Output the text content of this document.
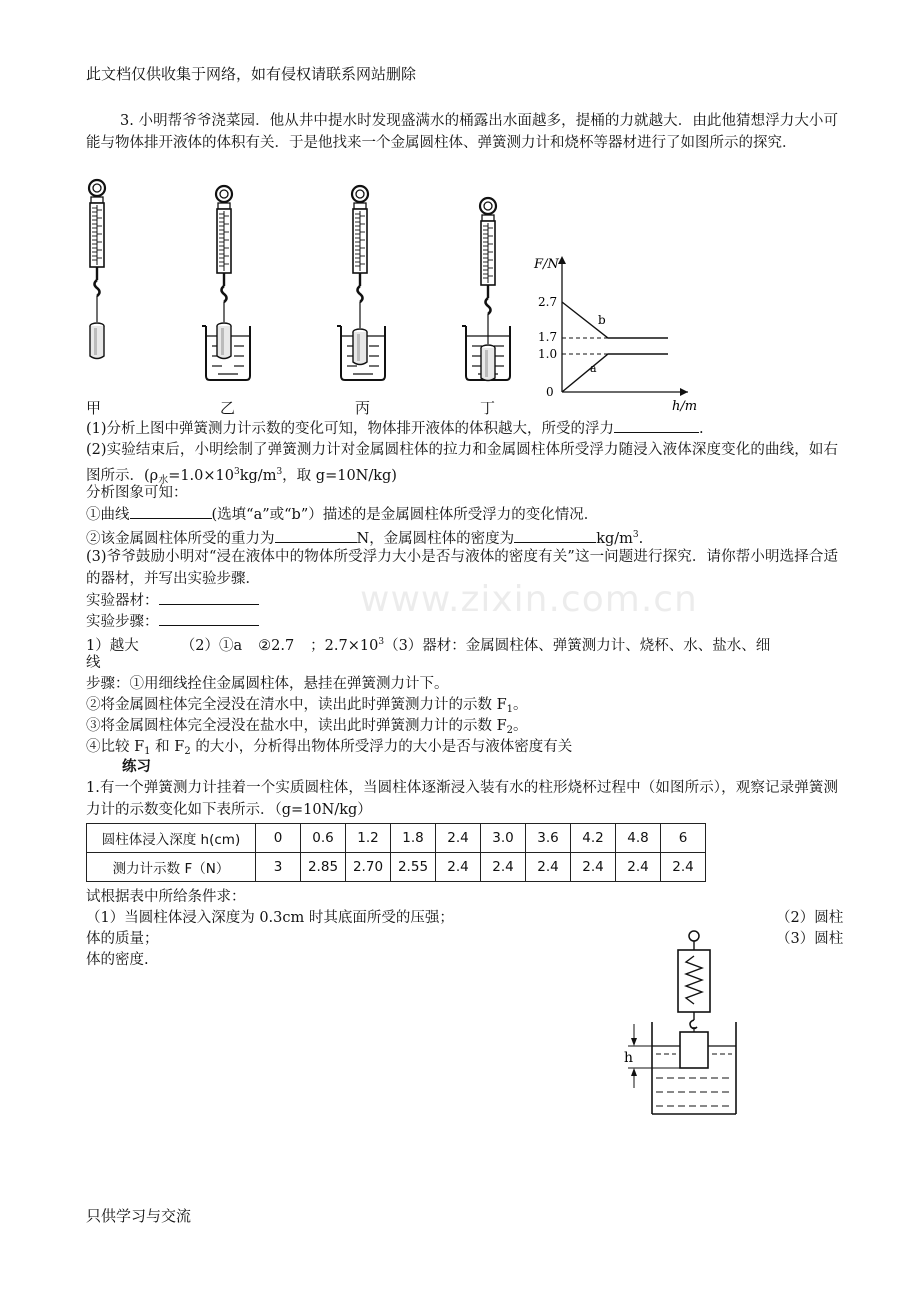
此文档仅供收集于网络，如有侵权请联系网站删除
3. 小明帮爷爷浇菜园．他从井中提水时发现盛满水的桶露出水面越多，提桶的力就越大．由此他猜想浮力大小可能与物体排开液体的体积有关．于是他找来一个金属圆柱体、弹簧测力计和烧杯等器材进行了如图所示的探究．
甲	乙	丙	丁
F/N
h/m
2.7
1.7
1.0
0
b
a
(1)分析上图中弹簧测力计示数的变化可知，物体排开液体的体积越大，所受的浮力	.
(2)实验结束后，小明绘制了弹簧测力计对金属圆柱体的拉力和金属圆柱体所受浮力随浸入液体深度变化的曲线，如右图所示．($\rho_水=1.0\times 10^3kg/m^3$，取 g=10N/kg)
分析图象可知：
①曲线	(选填“a”或“b”）描述的是金属圆柱体所受浮力的变化情况．
②该金属圆柱体所受的重力为	N，金属圆柱体的密度为	$kg/m^3$.
(3)爷爷鼓励小明对“浸在液体中的物体所受浮力大小是否与液体的密度有关”这一问题进行探究．请你帮小明选择合适的器材，并写出实验步骤．
实验器材：
实验步骤：
1）越大	（2）①a ②2.7 ；$2.7\times 10^3(3)$器材：金属圆柱体、弹簧测力计、烧杯、水、盐水、细
线
步骤：①用细线拴住金属圆柱体，悬挂在弹簧测力计下。
②将金属圆柱体完全浸没在清水中，读出此时弹簧测力计的示数 $F_1$。
③将金属圆柱体完全浸没在盐水中，读出此时弹簧测力计的示数 $F_2$。
④比较 $F_1$ 和 $F_2$ 的大小，分析得出物体所受浮力的大小是否与液体密度有关
练习
1.有一个弹簧测力计挂着一个实质圆柱体，当圆柱体逐渐浸入装有水的柱形烧杯过程中（如图所示），观察记录弹簧测力计的示数变化如下表所示．（g=10N/kg）
圆柱体浸入深度 h(cm)	0	0.6	1.2	1.8	2.4	3.0	3.6	4.2	4.8	6
测力计示数 F（N）	3	2.85	2.70	2.55	2.4	2.4	2.4	2.4	2.4	2.4
试根据表中所给条件求：
（1）当圆柱体浸入深度为 0.3cm 时其底面所受的压强；	（2）圆柱
体的质量；	（3）圆柱
体的密度.
h
www.zixin.com.cn
只供学习与交流
